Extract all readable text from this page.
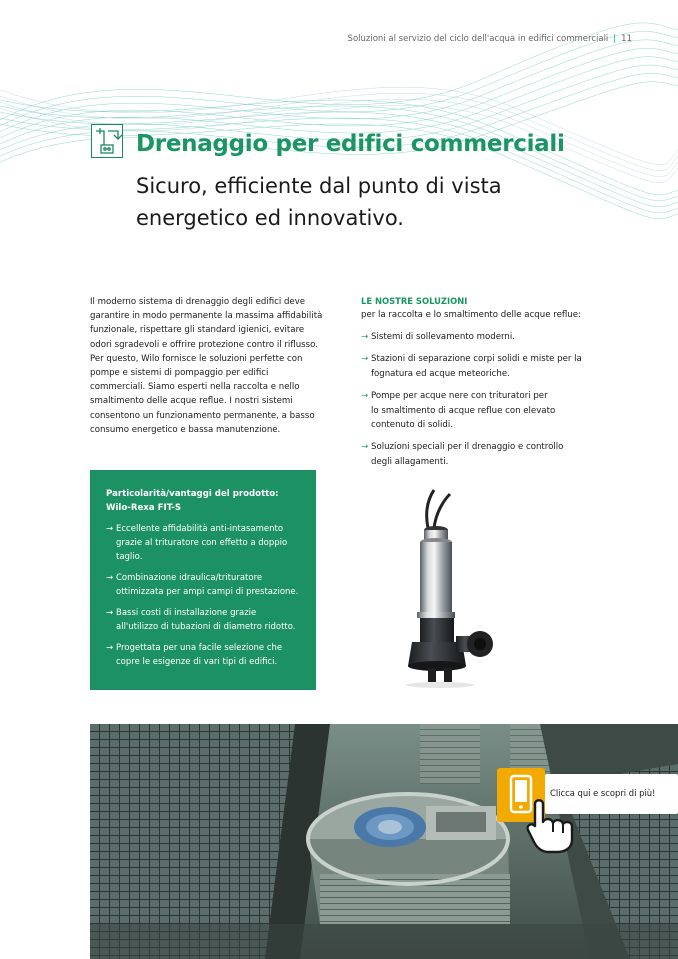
Soluzioni al servizio del ciclo dell'acqua in edifici commerciali | 11
Drenaggio per edifici commerciali
Sicuro, efficiente dal punto di vista
energetico ed innovativo.
Il moderno sistema di drenaggio degli edifici deve garantire in modo permanente la massima affidabilità funzionale, rispettare gli standard igienici, evitare odori sgradevoli e offrire protezione contro il riflusso. Per questo, Wilo fornisce le soluzioni perfette con pompe e sistemi di pompaggio per edifici commerciali. Siamo esperti nella raccolta e nello smaltimento delle acque reflue. I nostri sistemi consentono un funzionamento permanente, a basso consumo energetico e bassa manutenzione.
LE NOSTRE SOLUZIONI
per la raccolta e lo smaltimento delle acque reflue:
→ Sistemi di sollevamento moderni.
→ Stazioni di separazione corpi solidi e miste per la
fognatura ed acque meteoriche.
→ Pompe per acque nere con trituratori per
lo smaltimento di acque reflue con elevato
contenuto di solidi.
→ Soluzioni speciali per il drenaggio e controllo
degli allagamenti.
Particolarità/vantaggi del prodotto:
Wilo-Rexa FIT-S
→ Eccellente affidabilità anti-intasamento
grazie al trituratore con effetto a doppio
taglio.
→ Combinazione idraulica/trituratore
ottimizzata per ampi campi di prestazione.
→ Bassi costi di installazione grazie
all'utilizzo di tubazioni di diametro ridotto.
→ Progettata per una facile selezione che
copre le esigenze di vari tipi di edifici.
Clicca qui e scopri di più!
